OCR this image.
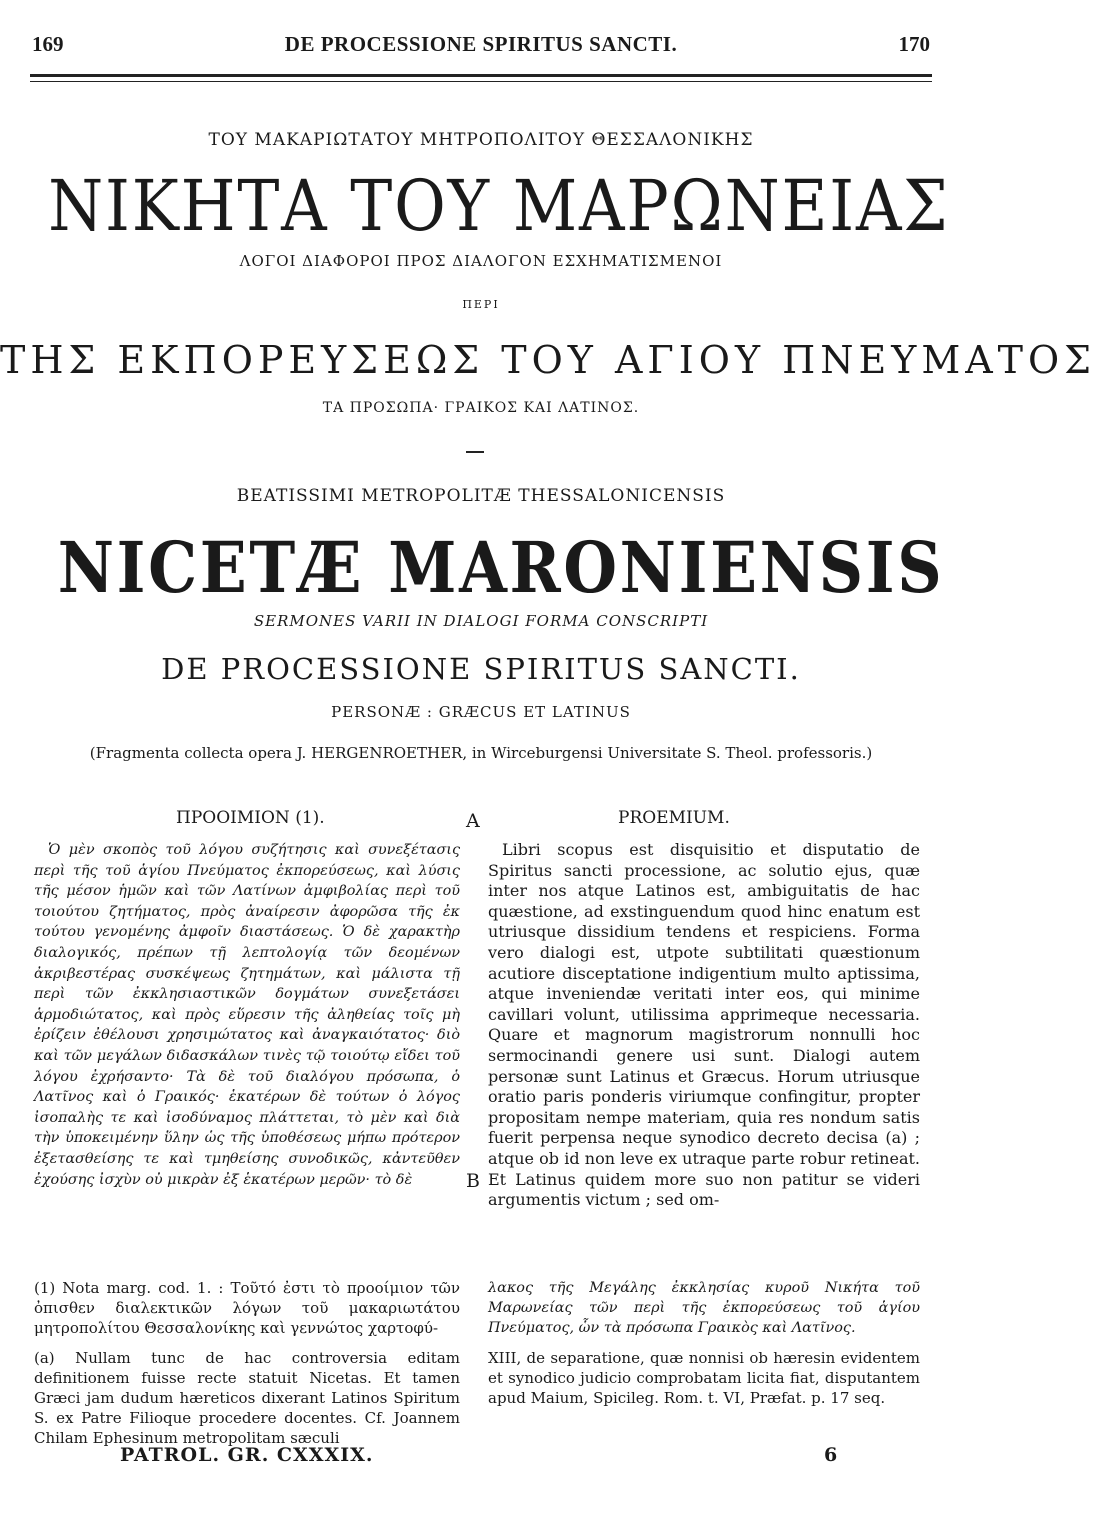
169	DE PROCESSIONE SPIRITUS SANCTI.	170
ΤΟΥ ΜΑΚΑΡΙΩΤΑΤΟΥ ΜΗΤΡΟΠΟΛΙΤΟΥ ΘΕΣΣΑΛΟΝΙΚΗΣ
ΝΙΚΗΤΑ ΤΟΥ ΜΑΡΩΝΕΙΑΣ
ΛΟΓΟΙ ΔΙΑΦΟΡΟΙ ΠΡΟΣ ΔΙΑΛΟΓΟΝ ΕΣΧΗΜΑΤΙΣΜΕΝΟΙ
ΠΕΡΙ
ΤΗΣ ΕΚΠΟΡΕΥΣΕΩΣ ΤΟΥ ΑΓΙΟΥ ΠΝΕΥΜΑΤΟΣ
ΤΑ ΠΡΟΣΩΠΑ· ΓΡΑΙΚΟΣ ΚΑΙ ΛΑΤΙΝΟΣ.
BEATISSIMI METROPOLITÆ THESSALONICENSIS
NICETÆ MARONIENSIS
SERMONES VARII IN DIALOGI FORMA CONSCRIPTI
DE PROCESSIONE SPIRITUS SANCTI.
PERSONÆ : GRÆCUS ET LATINUS
(Fragmenta collecta opera J. HERGENROETHER, in Wirceburgensi Universitate S. Theol. professoris.)
ΠΡΟΟΙΜΙΟΝ (1).	A	PROEMIUM.

Ὁ μὲν σκοπὸς τοῦ λόγου συζήτησις καὶ συνεξέτασις περὶ τῆς τοῦ ἁγίου Πνεύματος ἐκπορεύσεως, καὶ λύσις τῆς μέσον ἡμῶν καὶ τῶν Λατίνων ἀμφιβολίας περὶ τοῦ τοιούτου ζητήματος, πρὸς ἀναίρεσιν ἀφορῶσα τῆς ἐκ τούτου γενομένης ἀμφοῖν διαστάσεως. Ὁ δὲ χαρακτὴρ διαλογικός, πρέπων τῇ λεπτολογίᾳ τῶν δεομένων ἀκριβεστέρας συσκέψεως ζητημάτων, καὶ μάλιστα τῇ περὶ τῶν ἐκκλησιαστικῶν δογμάτων συνεξετάσει ἁρμοδιώτατος, καὶ πρὸς εὕρεσιν τῆς ἀληθείας τοῖς μὴ ἐρίζειν ἐθέλουσι χρησιμώτατος καὶ ἀναγκαιότατος· διὸ καὶ τῶν μεγάλων διδασκάλων τινὲς τῷ τοιούτῳ εἴδει τοῦ λόγου ἐχρήσαντο· Τὰ δὲ τοῦ διαλόγου πρόσωπα, ὁ Λατῖνος καὶ ὁ Γραικός· ἑκατέρων δὲ τούτων ὁ λόγος ἰσοπαλὴς τε καὶ ἰσοδύναμος πλάττεται, τὸ μὲν καὶ διὰ τὴν ὑποκειμένην ὕλην ὡς τῆς ὑποθέσεως μήπω πρότερον ἐξετασθείσης τε καὶ τμηθείσης συνοδικῶς, κἀντεῦθεν ἐχούσης ἰσχὺν οὐ μικρὰν ἐξ ἑκατέρων μερῶν· τὸ δὲ	B

Libri scopus est disquisitio et disputatio de Spiritus sancti processione, ac solutio ejus, quæ inter nos atque Latinos est, ambiguitatis de hac quæstione, ad exstinguendum quod hinc enatum est utriusque dissidium tendens et respiciens. Forma vero dialogi est, utpote subtilitati quæstionum acutiore disceptatione indigentium multo aptissima, atque inveniendæ veritati inter eos, qui minime cavillari volunt, utilissima apprimeque necessaria. Quare et magnorum magistrorum nonnulli hoc sermocinandi genere usi sunt. Dialogi autem personæ sunt Latinus et Græcus. Horum utriusque oratio paris ponderis viriumque confingitur, propter propositam nempe materiam, quia res nondum satis fuerit perpensa neque synodico decreto decisa (a) ; atque ob id non leve ex utraque parte robur retineat. Et Latinus quidem more suo non patitur se videri argumentis victum ; sed om-

(1) Nota marg. cod. 1. : Τοῦτό ἐστι τὸ προοίμιον τῶν ὀπισθεν διαλεκτικῶν λόγων τοῦ μακαριωτάτου μητροπολίτου Θεσσαλονίκης καὶ γεννώτος χαρτοφύ-
λακος τῆς Μεγάλης ἐκκλησίας κυροῦ Νικήτα τοῦ Μαρωνείας τῶν περὶ τῆς ἐκπορεύσεως τοῦ ἁγίου Πνεύματος, ὧν τὰ πρόσωπα Γραικὸς καὶ Λατῖνος.
(a) Nullam tunc de hac controversia editam definitionem fuisse recte statuit Nicetas. Et tamen Græci jam dudum hæreticos dixerant Latinos Spiritum S. ex Patre Filioque procedere docentes. Cf. Joannem Chilam Ephesinum metropolitam sæculi
XIII, de separatione, quæ nonnisi ob hæresin evidentem et synodico judicio comprobatam licita fiat, disputantem apud Maium, Spicileg. Rom. t. VI, Præfat. p. 17 seq.
PATROL. GR. CXXXIX.	6
